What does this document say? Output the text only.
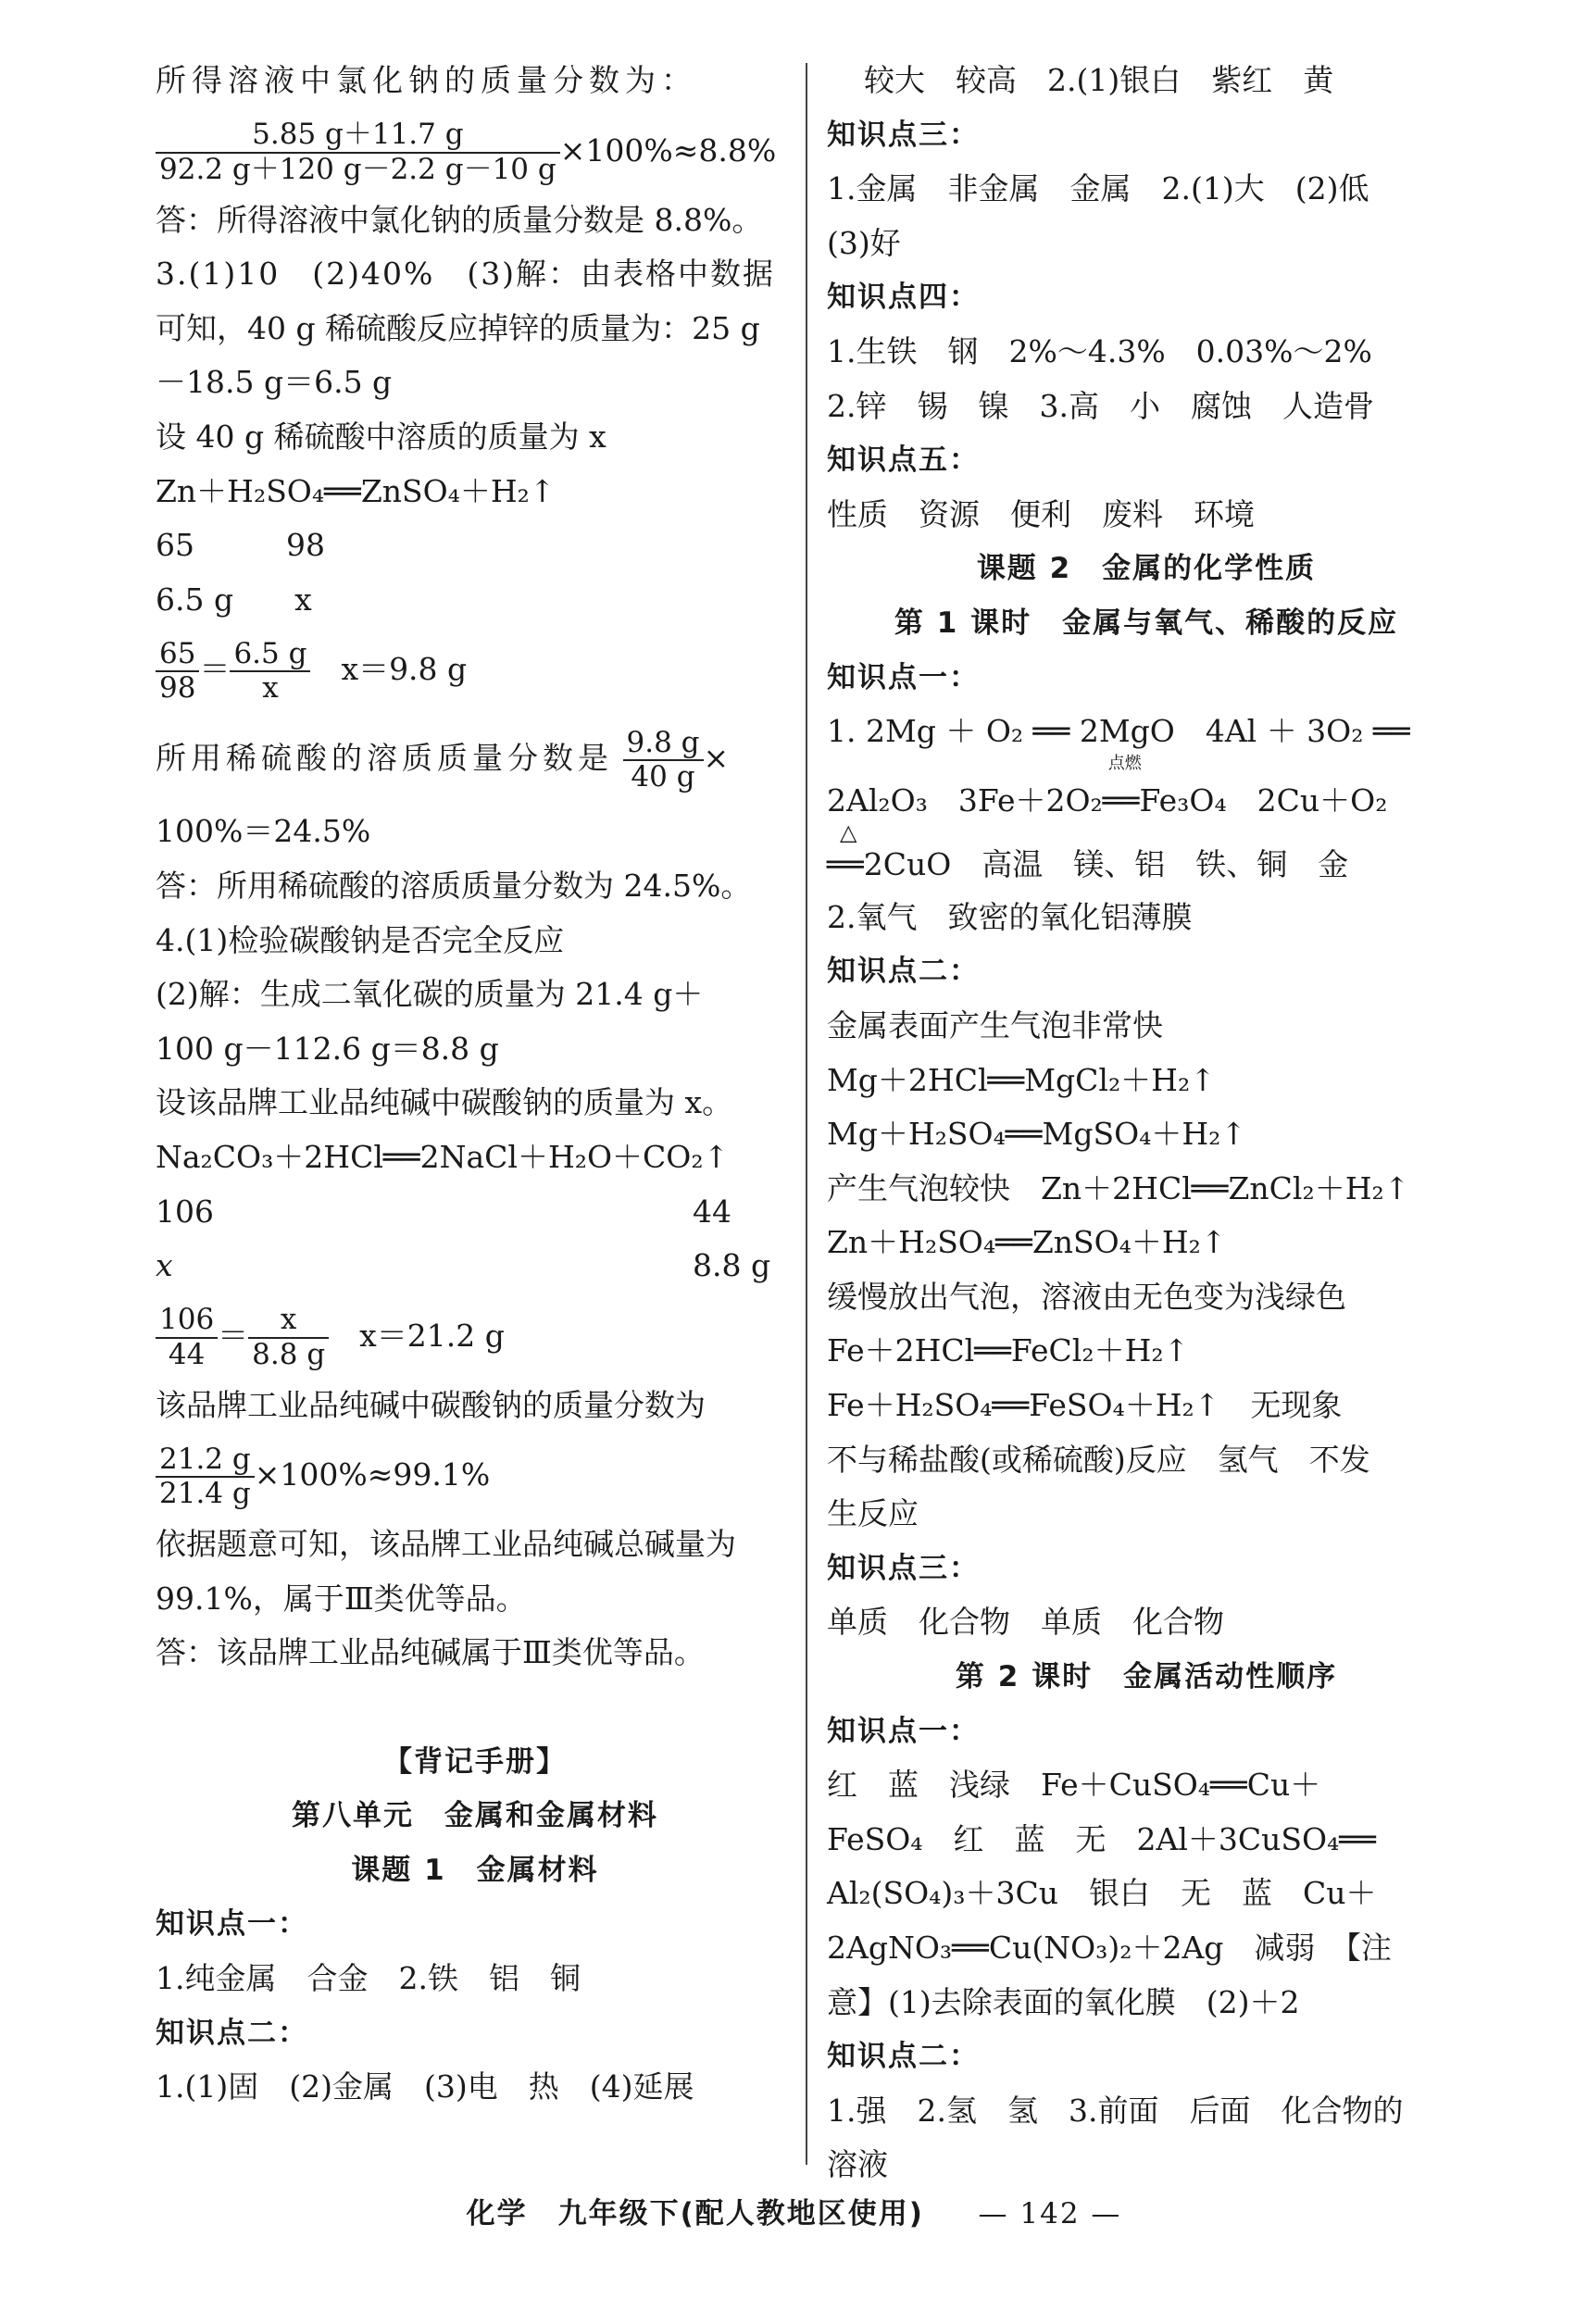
所得溶液中氯化钠的质量分数为：
$\frac{5.85 g+11.7 g}{92.2 g+120 g-2.2 g-10 g} \times 100\%\approx 8.8\%$
答：所得溶液中氯化钠的质量分数是 8.8%。
3.(1)10　(2)40%　(3)解：由表格中数据
可知，40 g 稀硫酸反应掉锌的质量为：25 g
－18.5 g＝6.5 g
设 40 g 稀硫酸中溶质的质量为 x
Zn＋H₂SO₄══ZnSO₄＋H₂↑
65　　　98
6.5 g　　x
$\frac{65}{98} = \frac{6.5 g}{x}$ 　x＝9.8 g
所用稀硫酸的溶质质量分数是 $\frac{9.8 g}{40 g}$ ×
100%＝24.5%
答：所用稀硫酸的溶质质量分数为 24.5%。
4.(1)检验碳酸钠是否完全反应
(2)解：生成二氧化碳的质量为 21.4 g＋
100 g－112.6 g＝8.8 g
设该品牌工业品纯碱中碳酸钠的质量为 x。
Na₂CO₃＋2HCl══2NaCl＋H₂O＋CO₂↑
106	44
x	8.8 g
$\frac{106}{44} = \frac{x}{8.8 g}$ 　x＝21.2 g
该品牌工业品纯碱中碳酸钠的质量分数为
$\frac{21.2 g}{21.4 g} \times 100\%\approx 99.1\%$
依据题意可知，该品牌工业品纯碱总碱量为
99.1%，属于Ⅲ类优等品。
答：该品牌工业品纯碱属于Ⅲ类优等品。
【背记手册】
第八单元　金属和金属材料
课题 1　金属材料
知识点一：
1.纯金属　合金　2.铁　铝　铜
知识点二：
1.(1)固　(2)金属　(3)电　热　(4)延展
较大　较高　2.(1)银白　紫红　黄
知识点三：
1.金属　非金属　金属　2.(1)大　(2)低
(3)好
知识点四：
1.生铁　钢　2%～4.3%　0.03%～2%
2.锌　锡　镍　3.高　小　腐蚀　人造骨
知识点五：
性质　资源　便利　废料　环境
课题 2　金属的化学性质
第 1 课时　金属与氧气、稀酸的反应
知识点一：
1. 2Mg ＋ O₂ ══ 2MgO　4Al ＋ 3O₂ ══
2Al₂O₃　3Fe＋2O₂
点燃
══Fe₃O₄　2Cu＋O₂
△
══2CuO　高温　镁、铝　铁、铜　金
2.氧气　致密的氧化铝薄膜
知识点二：
金属表面产生气泡非常快
Mg＋2HCl══MgCl₂＋H₂↑
Mg＋H₂SO₄══MgSO₄＋H₂↑
产生气泡较快　Zn＋2HCl══ZnCl₂＋H₂↑
Zn＋H₂SO₄══ZnSO₄＋H₂↑
缓慢放出气泡，溶液由无色变为浅绿色
Fe＋2HCl══FeCl₂＋H₂↑
Fe＋H₂SO₄══FeSO₄＋H₂↑　无现象
不与稀盐酸(或稀硫酸)反应　氢气　不发
生反应
知识点三：
单质　化合物　单质　化合物
第 2 课时　金属活动性顺序
知识点一：
红　蓝　浅绿　Fe＋CuSO₄══Cu＋
FeSO₄　红　蓝　无　2Al＋3CuSO₄══
Al₂(SO₄)₃＋3Cu　银白　无　蓝　Cu＋
2AgNO₃══Cu(NO₃)₂＋2Ag　减弱　【注
意】(1)去除表面的氧化膜　(2)＋2
知识点二：
1.强　2.氢　氢　3.前面　后面　化合物的
溶液
化学　九年级下(配人教地区使用) 　 — 142 —
